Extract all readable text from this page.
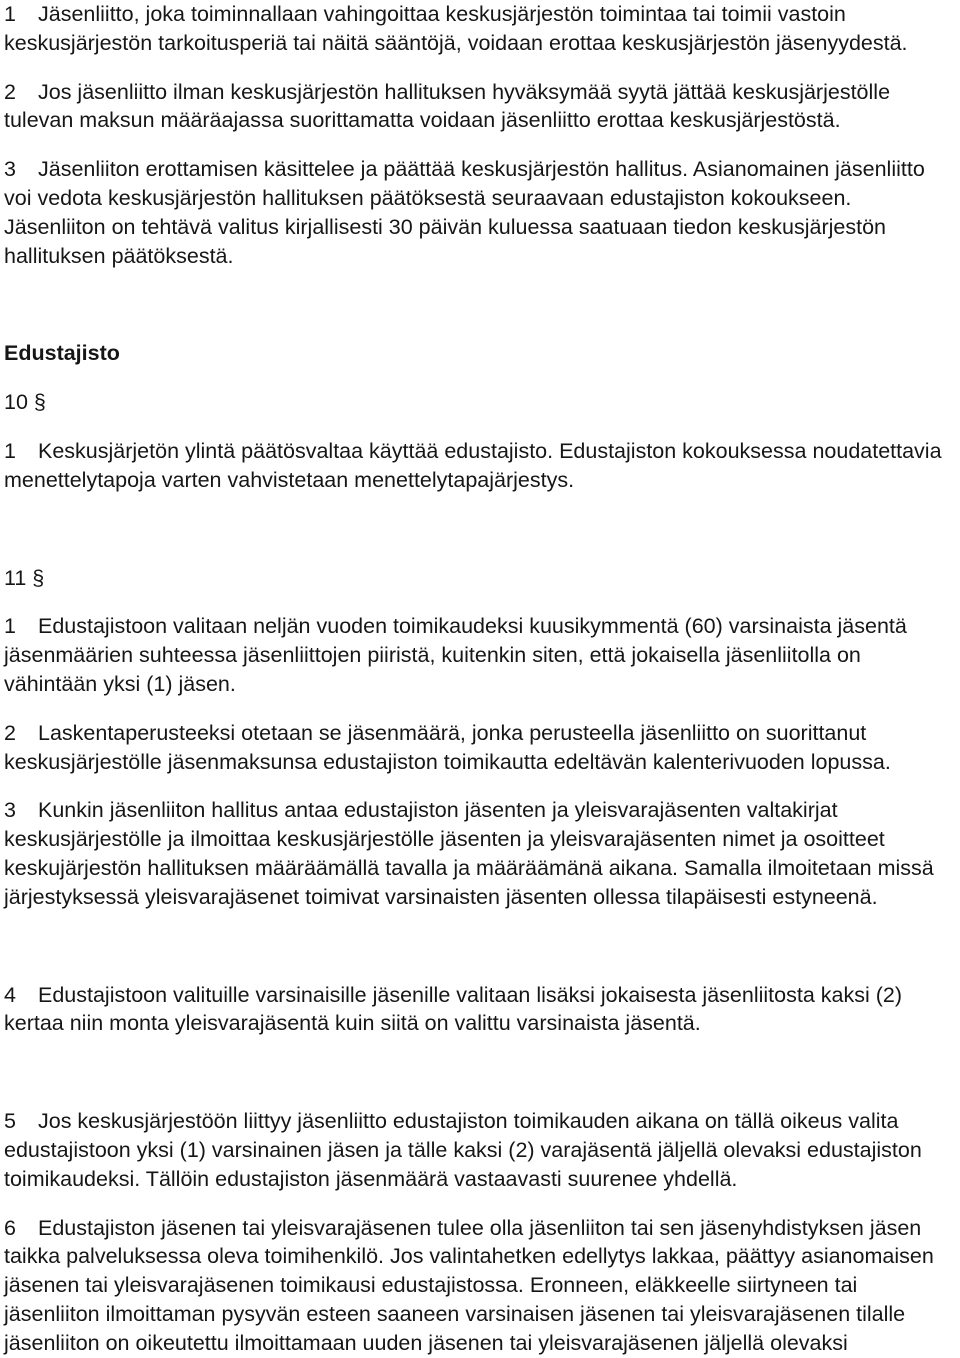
1 Jäsenliitto, joka toiminnallaan vahingoittaa keskusjärjestön toimintaa tai toimii vastoin
keskusjärjestön tarkoitusperiä tai näitä sääntöjä, voidaan erottaa keskusjärjestön jäsenyydestä.
2 Jos jäsenliitto ilman keskusjärjestön hallituksen hyväksymää syytä jättää keskusjärjestölle
tulevan maksun määräajassa suorittamatta voidaan jäsenliitto erottaa keskusjärjestöstä.
3 Jäsenliiton erottamisen käsittelee ja päättää keskusjärjestön hallitus. Asianomainen jäsenliitto
voi vedota keskusjärjestön hallituksen päätöksestä seuraavaan edustajiston kokoukseen.
Jäsenliiton on tehtävä valitus kirjallisesti 30 päivän kuluessa saatuaan tiedon keskusjärjestön
hallituksen päätöksestä.
Edustajisto
10 §
1 Keskusjärjetön ylintä päätösvaltaa käyttää edustajisto. Edustajiston kokouksessa noudatettavia
menettelytapoja varten vahvistetaan menettelytapajärjestys.
11 §
1 Edustajistoon valitaan neljän vuoden toimikaudeksi kuusikymmentä (60) varsinaista jäsentä
jäsenmäärien suhteessa jäsenliittojen piiristä, kuitenkin siten, että jokaisella jäsenliitolla on
vähintään yksi (1) jäsen.
2 Laskentaperusteeksi otetaan se jäsenmäärä, jonka perusteella jäsenliitto on suorittanut
keskusjärjestölle jäsenmaksunsa edustajiston toimikautta edeltävän kalenterivuoden lopussa.
3 Kunkin jäsenliiton hallitus antaa edustajiston jäsenten ja yleisvarajäsenten valtakirjat
keskusjärjestölle ja ilmoittaa keskusjärjestölle jäsenten ja yleisvarajäsenten nimet ja osoitteet
keskujärjestön hallituksen määräämällä tavalla ja määräämänä aikana. Samalla ilmoitetaan missä
järjestyksessä yleisvarajäsenet toimivat varsinaisten jäsenten ollessa tilapäisesti estyneenä.
4 Edustajistoon valituille varsinaisille jäsenille valitaan lisäksi jokaisesta jäsenliitosta kaksi (2)
kertaa niin monta yleisvarajäsentä kuin siitä on valittu varsinaista jäsentä.
5 Jos keskusjärjestöön liittyy jäsenliitto edustajiston toimikauden aikana on tällä oikeus valita
edustajistoon yksi (1) varsinainen jäsen ja tälle kaksi (2) varajäsentä jäljellä olevaksi edustajiston
toimikaudeksi. Tällöin edustajiston jäsenmäärä vastaavasti suurenee yhdellä.
6 Edustajiston jäsenen tai yleisvarajäsenen tulee olla jäsenliiton tai sen jäsenyhdistyksen jäsen
taikka palveluksessa oleva toimihenkilö. Jos valintahetken edellytys lakkaa, päättyy asianomaisen
jäsenen tai yleisvarajäsenen toimikausi edustajistossa. Eronneen, eläkkeelle siirtyneen tai
jäsenliiton ilmoittaman pysyvän esteen saaneen varsinaisen jäsenen tai yleisvarajäsenen tilalle
jäsenliiton on oikeutettu ilmoittamaan uuden jäsenen tai yleisvarajäsenen jäljellä olevaksi
